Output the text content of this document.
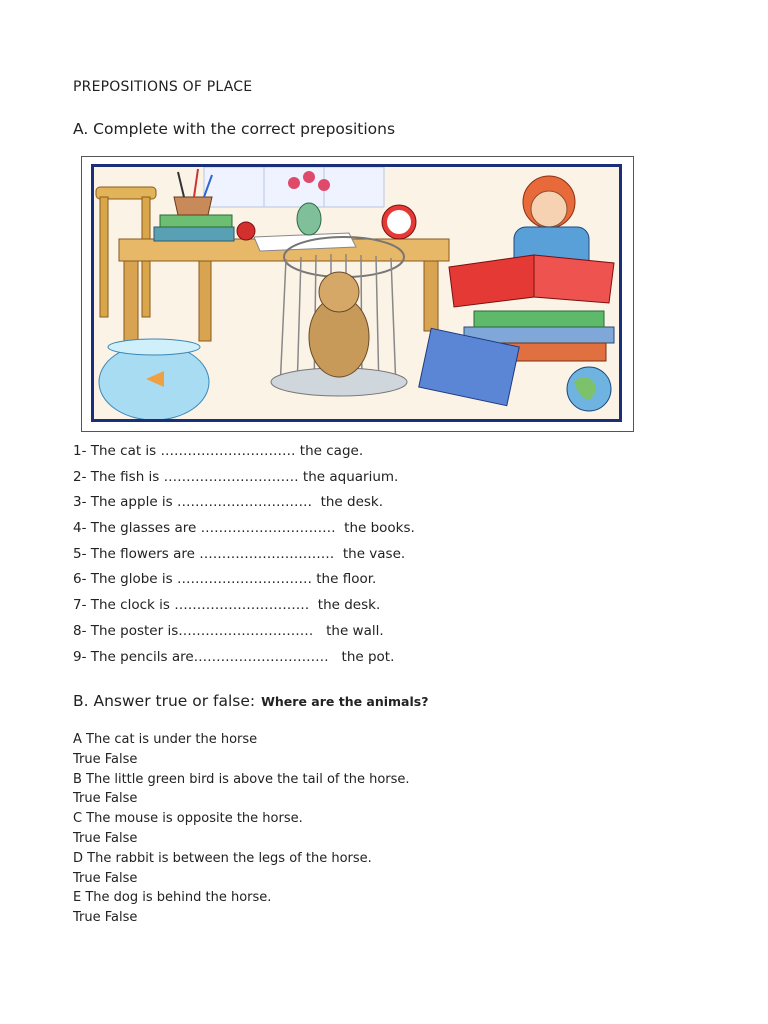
PREPOSITIONS OF PLACE
A. Complete with the correct prepositions
1- The cat is ………………………… the cage.
2- The fish is ………………………… the aquarium.
3- The apple is …………………………  the desk.
4- The glasses are …………………………  the books.
5- The flowers are …………………………  the vase.
6- The globe is ………………………… the floor.
7- The clock is …………………………  the desk.
8- The poster is…………………………   the wall.
9- The pencils are…………………………   the pot.
B. Answer true or false: Where are the animals?
A The cat is under the horse
True False
B The little green bird is above the tail of the horse.
True False
C The mouse is opposite the horse.
True False
D The rabbit is between the legs of the horse.
True False
E The dog is behind the horse.
True False
